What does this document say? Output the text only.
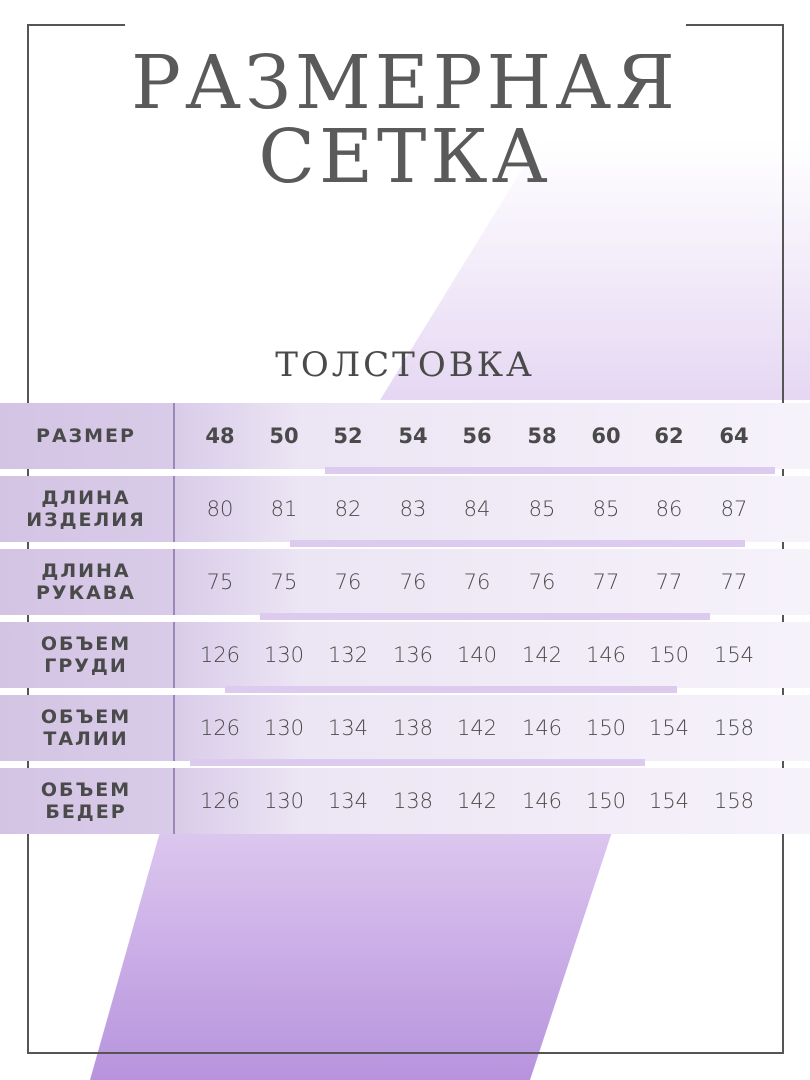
РАЗМЕРНАЯ
СЕТКА
ТОЛСТОВКА
РАЗМЕР	48	50	52	54	56	58	60	62	64
ДЛИНА
ИЗДЕЛИЯ	80	81	82	83	84	85	85	86	87
ДЛИНА
РУКАВА	75	75	76	76	76	76	77	77	77
ОБЪЕМ
ГРУДИ	126	130	132	136	140	142	146	150	154
ОБЪЕМ
ТАЛИИ	126	130	134	138	142	146	150	154	158
ОБЪЕМ
БЕДЕР	126	130	134	138	142	146	150	154	158
